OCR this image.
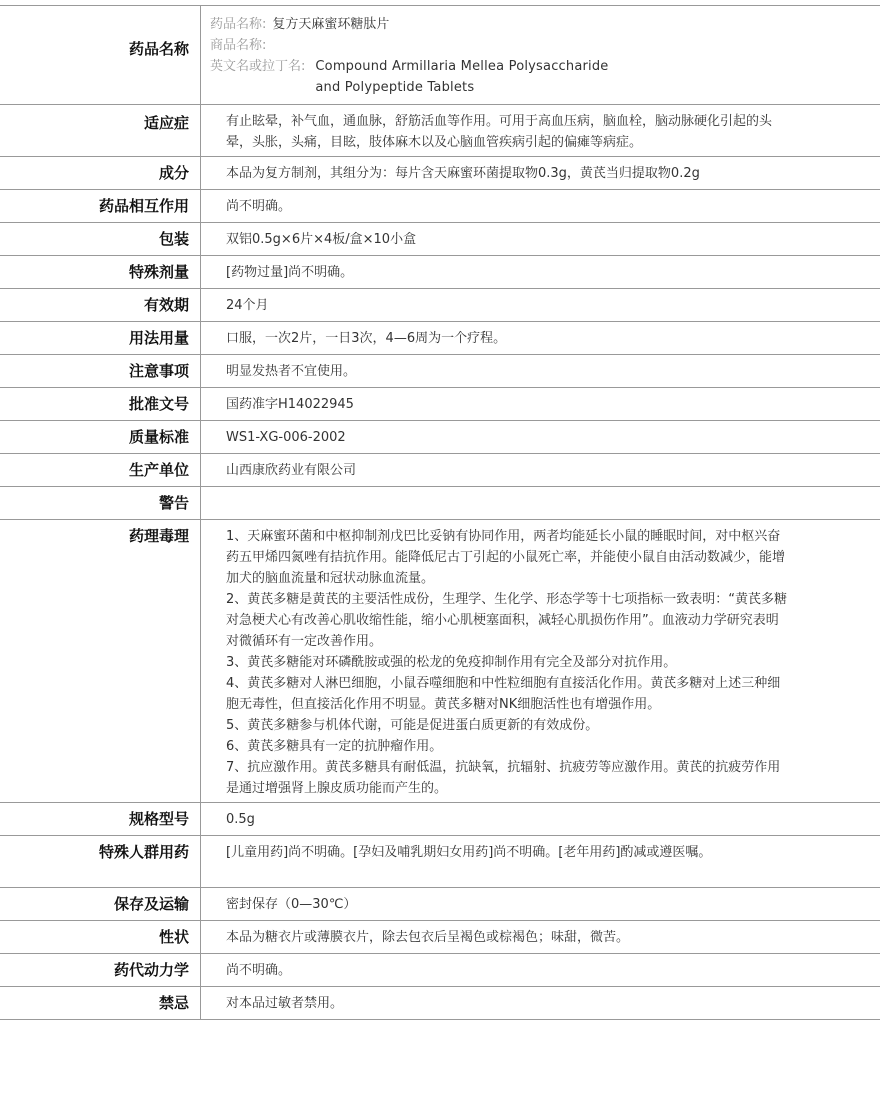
药品名称
药品名称: 复方天麻蜜环糖肽片
商品名称:
英文名或拉丁名: Compound Armillaria Mellea Polysaccharide
and Polypeptide Tablets
适应症	有止眩晕，补气血，通血脉，舒筋活血等作用。可用于高血压病，脑血栓，脑动脉硬化引起的头晕，头胀，头痛，目眩，肢体麻木以及心脑血管疾病引起的偏瘫等病症。
成分	本品为复方制剂，其组分为：每片含天麻蜜环菌提取物0.3g，黄芪当归提取物0.2g
药品相互作用	尚不明确。
包装	双铝0.5g×6片×4板/盒×10小盒
特殊剂量	[药物过量]尚不明确。
有效期	24个月
用法用量	口服，一次2片，一日3次，4—6周为一个疗程。
注意事项	明显发热者不宜使用。
批准文号	国药准字H14022945
质量标准	WS1-XG-006-2002
生产单位	山西康欣药业有限公司
警告
药理毒理	1、天麻蜜环菌和中枢抑制剂戊巴比妥钠有协同作用，两者均能延长小鼠的睡眠时间，对中枢兴奋药五甲烯四氮唑有拮抗作用。能降低尼古丁引起的小鼠死亡率，并能使小鼠自由活动数减少，能增加犬的脑血流量和冠状动脉血流量。
2、黄芪多糖是黄芪的主要活性成份，生理学、生化学、形态学等十七项指标一致表明：“黄芪多糖对急梗犬心有改善心肌收缩性能，缩小心肌梗塞面积，减轻心肌损伤作用”。血液动力学研究表明对微循环有一定改善作用。
3、黄芪多糖能对环磷酰胺或强的松龙的免疫抑制作用有完全及部分对抗作用。
4、黄芪多糖对人淋巴细胞，小鼠吞噬细胞和中性粒细胞有直接活化作用。黄芪多糖对上述三种细胞无毒性，但直接活化作用不明显。黄芪多糖对NK细胞活性也有增强作用。
5、黄芪多糖参与机体代谢，可能是促进蛋白质更新的有效成份。
6、黄芪多糖具有一定的抗肿瘤作用。
7、抗应激作用。黄芪多糖具有耐低温，抗缺氧，抗辐射、抗疲劳等应激作用。黄芪的抗疲劳作用是通过增强肾上腺皮质功能而产生的。
规格型号	0.5g
特殊人群用药	[儿童用药]尚不明确。[孕妇及哺乳期妇女用药]尚不明确。[老年用药]酌减或遵医嘱。
保存及运输	密封保存（0—30℃）
性状	本品为糖衣片或薄膜衣片，除去包衣后呈褐色或棕褐色；味甜，微苦。
药代动力学	尚不明确。
禁忌	对本品过敏者禁用。
